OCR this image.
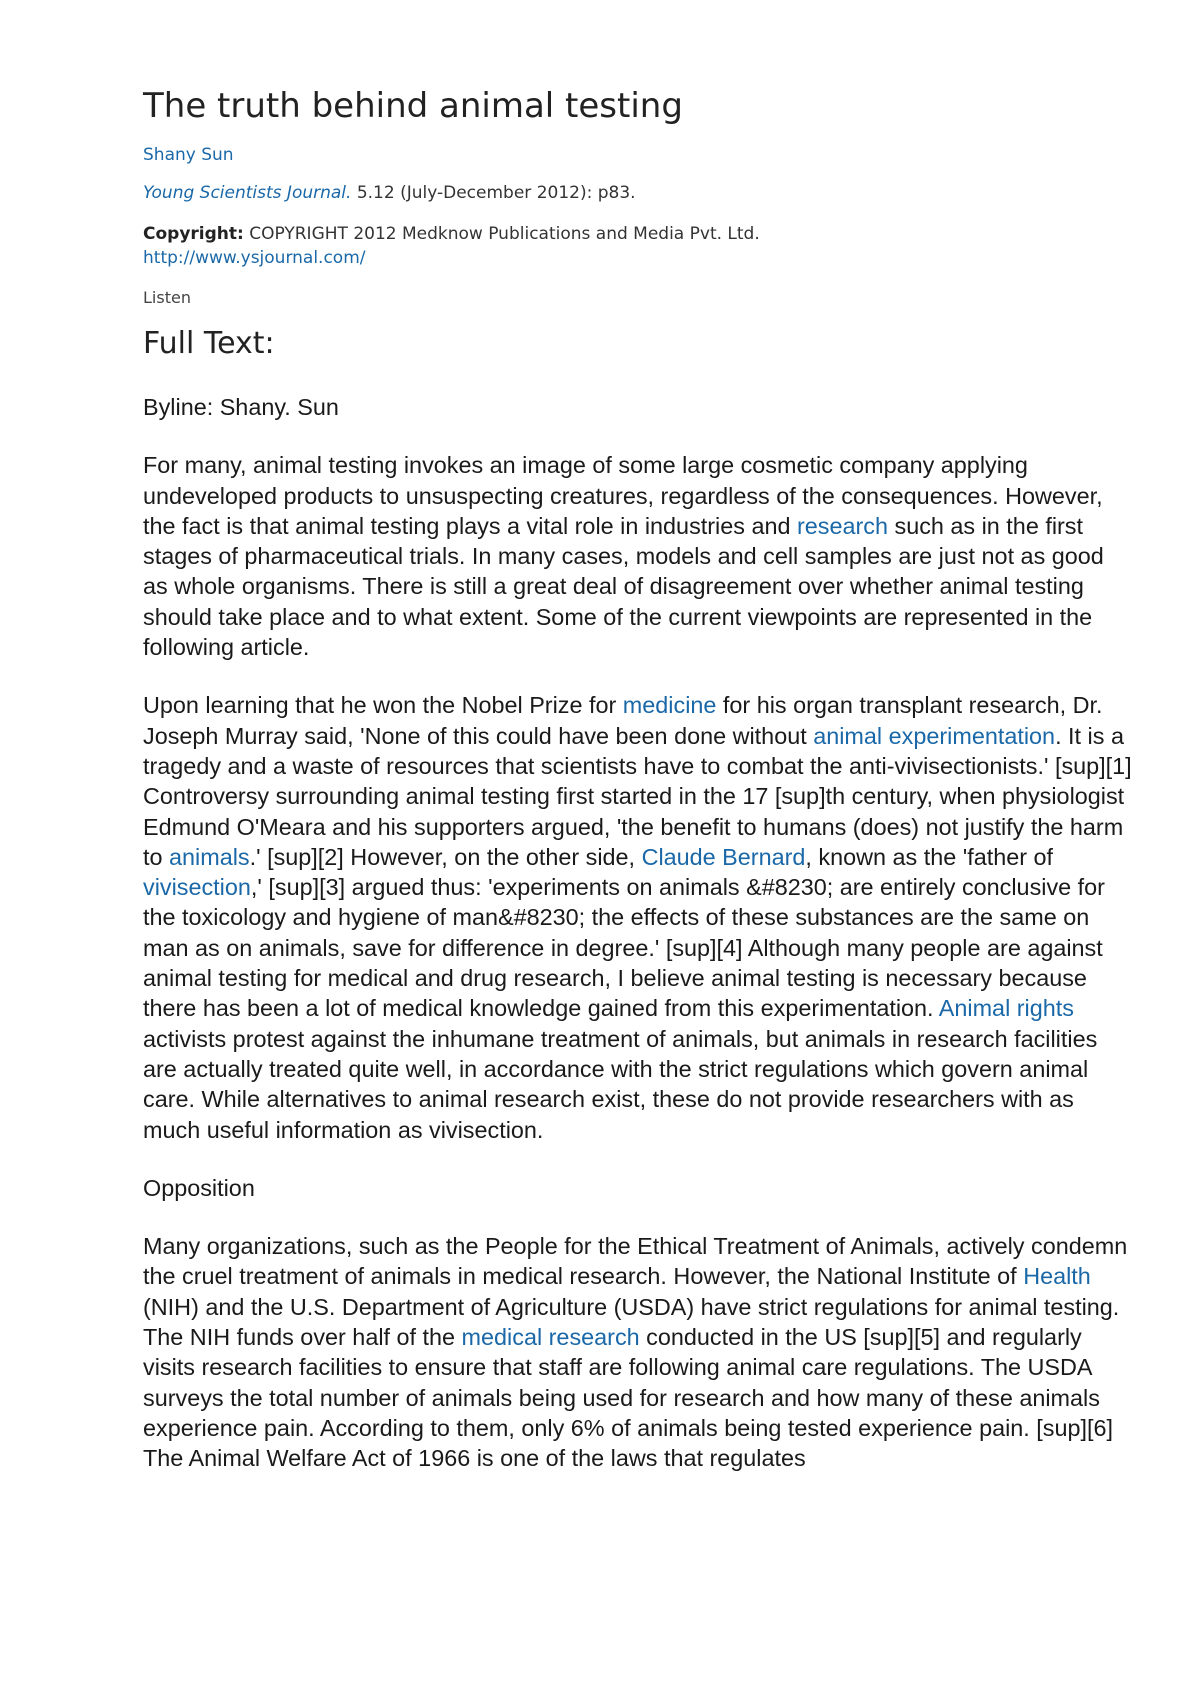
The truth behind animal testing
Shany Sun
Young Scientists Journal. 5.12 (July-December 2012): p83.
Copyright: COPYRIGHT 2012 Medknow Publications and Media Pvt. Ltd.
http://www.ysjournal.com/
Listen
Full Text:

Byline: Shany. Sun

For many, animal testing invokes an image of some large cosmetic company applying undeveloped products to unsuspecting creatures, regardless of the consequences. However, the fact is that animal testing plays a vital role in industries and research such as in the first stages of pharmaceutical trials. In many cases, models and cell samples are just not as good as whole organisms. There is still a great deal of disagreement over whether animal testing should take place and to what extent. Some of the current viewpoints are represented in the following article.

Upon learning that he won the Nobel Prize for medicine for his organ transplant research, Dr. Joseph Murray said, 'None of this could have been done without animal experimentation. It is a tragedy and a waste of resources that scientists have to combat the anti-vivisectionists.' [sup][1] Controversy surrounding animal testing first started in the 17 [sup]th century, when physiologist Edmund O'Meara and his supporters argued, 'the benefit to humans (does) not justify the harm to animals.' [sup][2] However, on the other side, Claude Bernard, known as the 'father of vivisection,' [sup][3] argued thus: 'experiments on animals &#8230; are entirely conclusive for the toxicology and hygiene of man&#8230; the effects of these substances are the same on man as on animals, save for difference in degree.' [sup][4] Although many people are against animal testing for medical and drug research, I believe animal testing is necessary because there has been a lot of medical knowledge gained from this experimentation. Animal rights activists protest against the inhumane treatment of animals, but animals in research facilities are actually treated quite well, in accordance with the strict regulations which govern animal care. While alternatives to animal research exist, these do not provide researchers with as much useful information as vivisection.

Opposition

Many organizations, such as the People for the Ethical Treatment of Animals, actively condemn the cruel treatment of animals in medical research. However, the National Institute of Health (NIH) and the U.S. Department of Agriculture (USDA) have strict regulations for animal testing. The NIH funds over half of the medical research conducted in the US [sup][5] and regularly visits research facilities to ensure that staff are following animal care regulations. The USDA surveys the total number of animals being used for research and how many of these animals experience pain. According to them, only 6% of animals being tested experience pain. [sup][6] The Animal Welfare Act of 1966 is one of the laws that regulates
